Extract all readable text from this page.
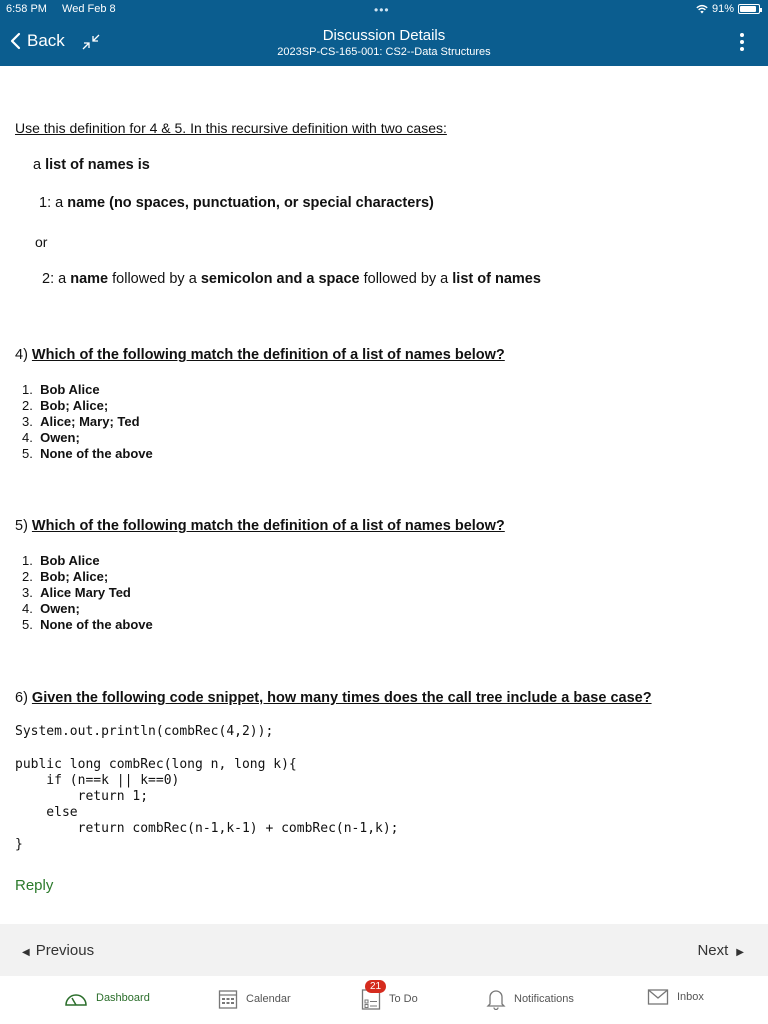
6:58 PM Wed Feb 8	•••	91%
Back	Discussion Details
2023SP-CS-165-001: CS2--Data Structures
Use this definition for 4 & 5. In this recursive definition with two cases:
a list of names is
1: a name (no spaces, punctuation, or special characters)
or
2: a name followed by a semicolon and a space followed by a list of names
4) Which of the following match the definition of a list of names below?
1.  Bob Alice
2.  Bob; Alice;
3.  Alice; Mary; Ted
4.  Owen;
5.  None of the above
5) Which of the following match the definition of a list of names below?
1.  Bob Alice
2.  Bob; Alice;
3.  Alice Mary Ted
4.  Owen;
5.  None of the above
6) Given the following code snippet, how many times does the call tree include a base case?
System.out.println(combRec(4,2));
public long combRec(long n, long k){
if (n==k || k==0)
return 1;
else
return combRec(n-1,k-1) + combRec(n-1,k);
}
Reply
◀ Previous	Next ▶
Dashboard	Calendar
21
To Do	Notifications	Inbox
